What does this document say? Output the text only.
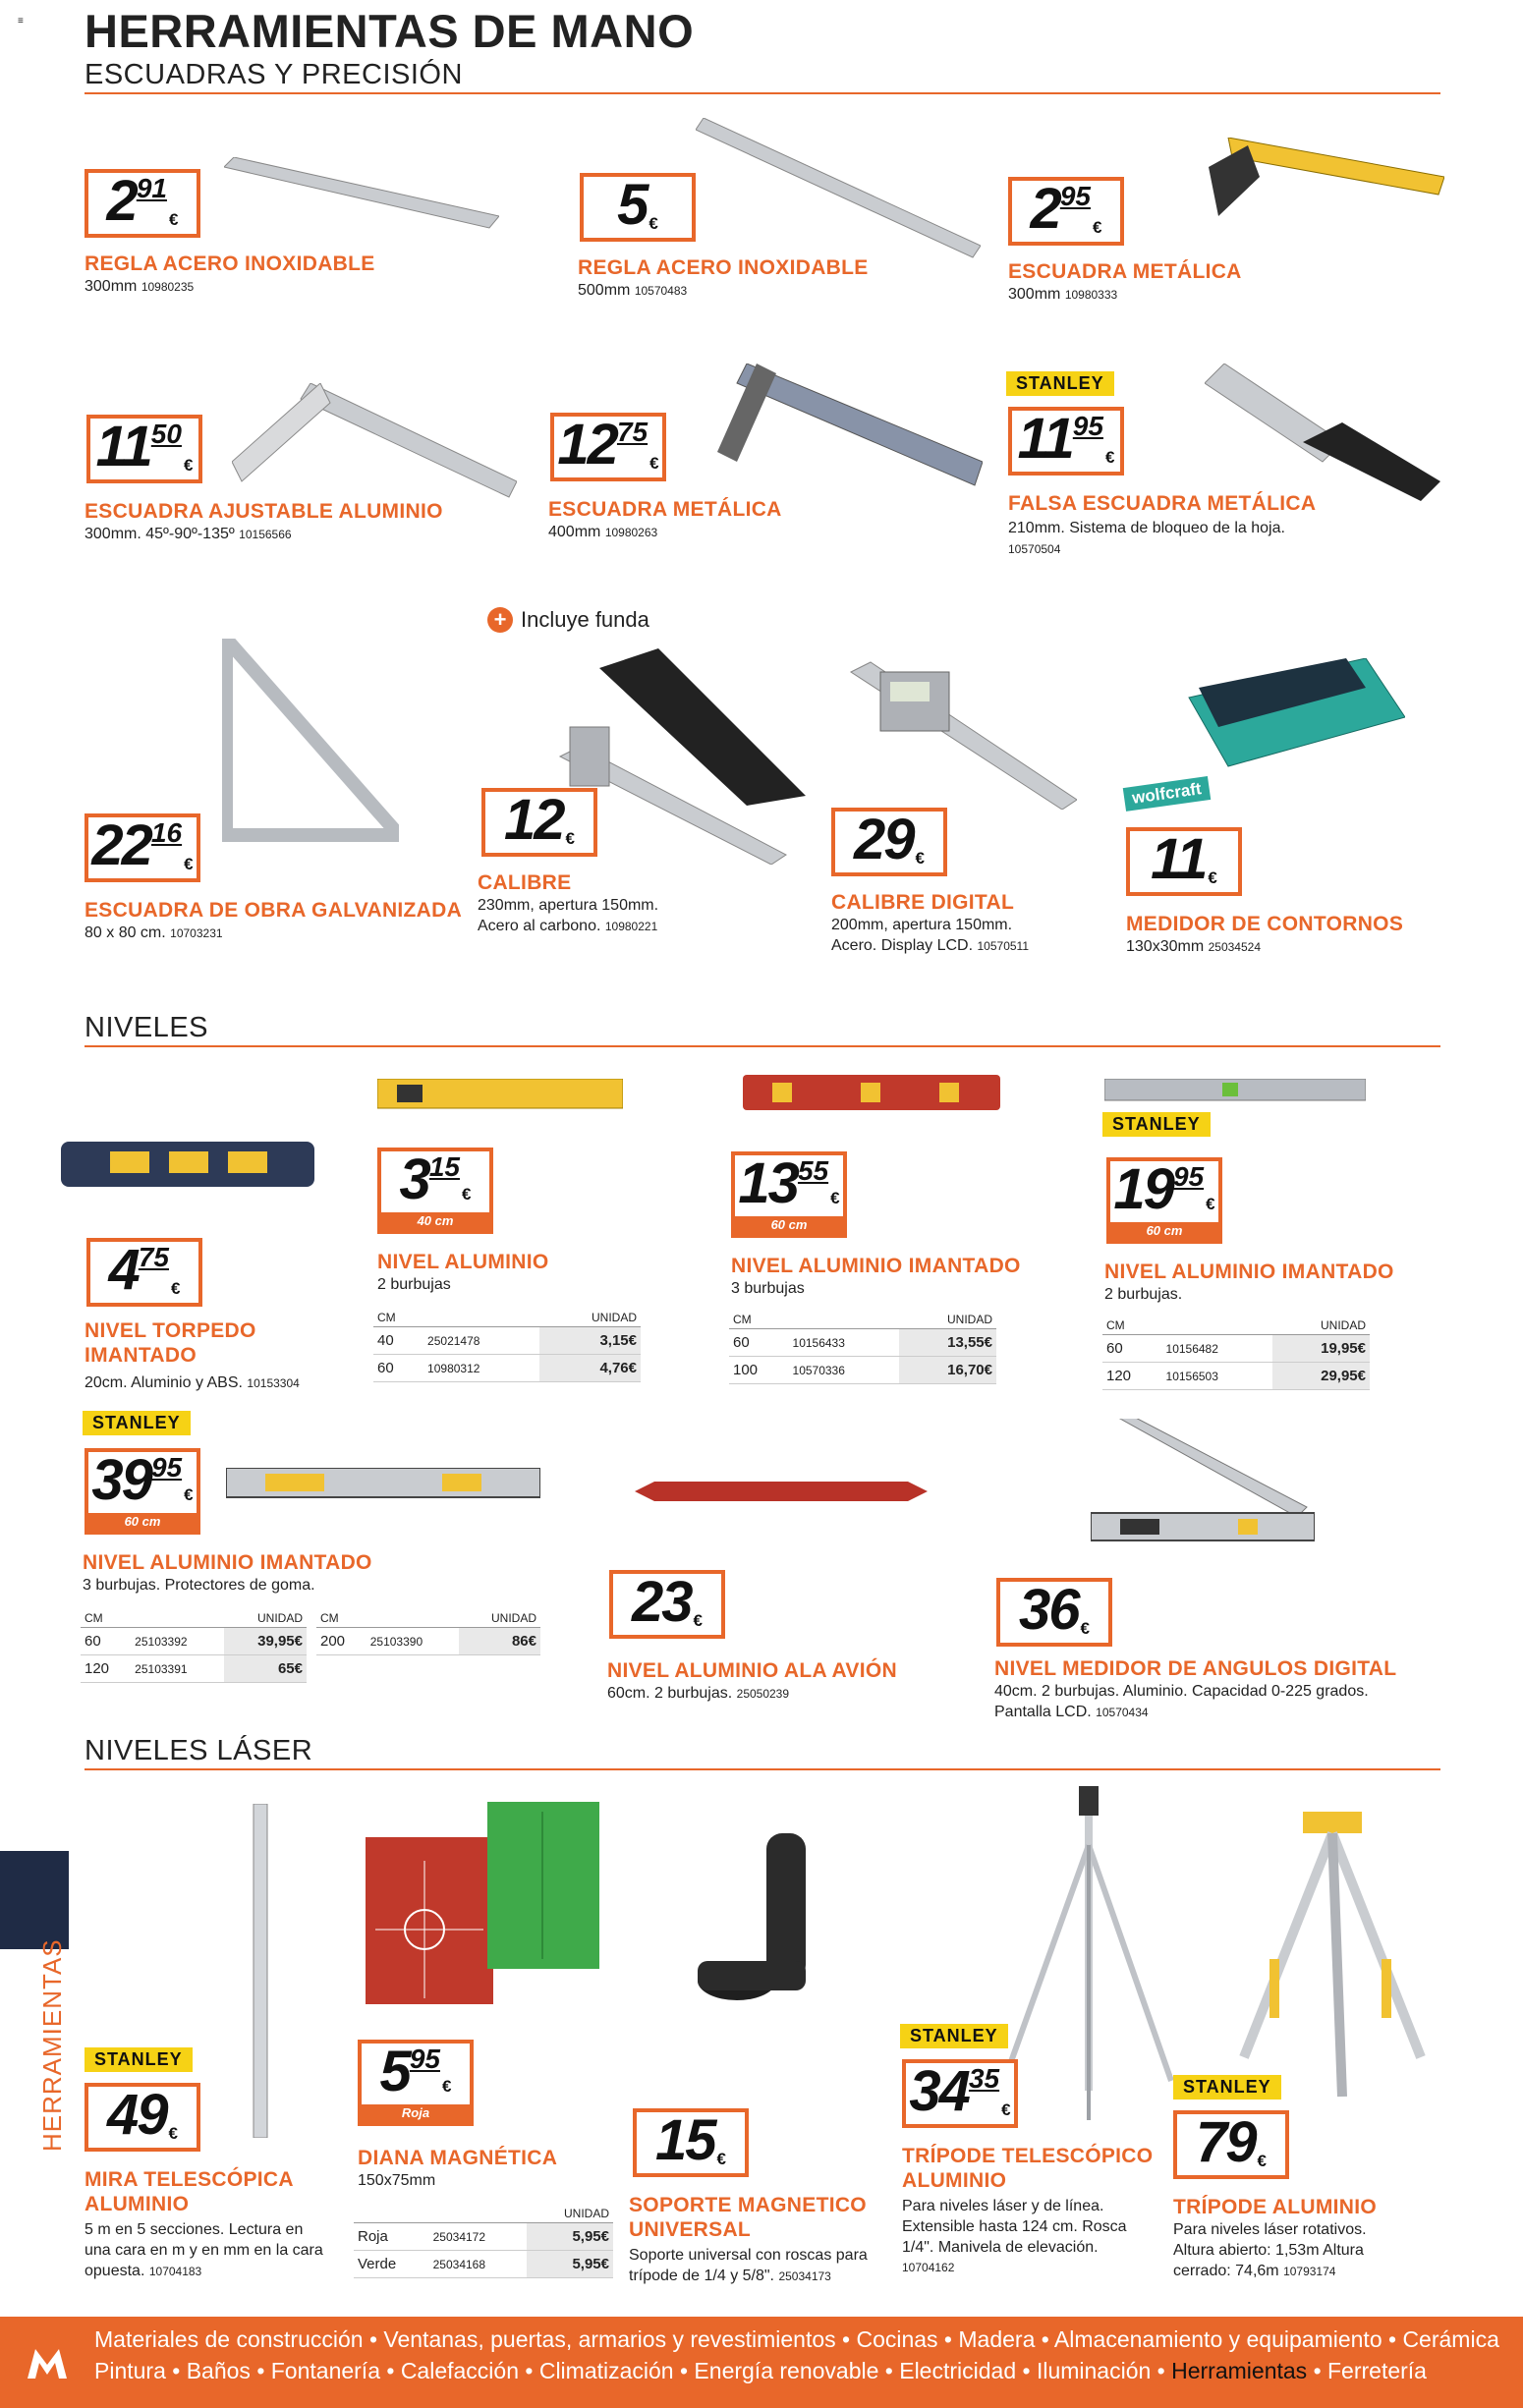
≡ HERRAMIENTAS DE MANO
ESCUADRAS Y PRECISIÓN
2 91
€
REGLA ACERO INOXIDABLE
300mm 10980235
5 €
REGLA ACERO INOXIDABLE
500mm 10570483
2 95
€
ESCUADRA METÁLICA
300mm 10980333
11 50
€
ESCUADRA AJUSTABLE ALUMINIO
300mm. 45º-90º-135º 10156566
12 75
€
ESCUADRA METÁLICA
400mm 10980263
STANLEY
11 95
€
FALSA ESCUADRA METÁLICA
210mm. Sistema de bloqueo de la hoja.
10570504
+ Incluye funda
22 16
€
ESCUADRA DE OBRA GALVANIZADA
80 x 80 cm. 10703231
12 €
CALIBRE
230mm, apertura 150mm.
Acero al carbono. 10980221
29 €
CALIBRE DIGITAL
200mm, apertura 150mm.
Acero. Display LCD. 10570511
wolfcraft
11 €
MEDIDOR DE CONTORNOS
130x30mm 25034524
NIVELES
4 75
€
NIVEL TORPEDO
IMANTADO
20cm. Aluminio y ABS. 10153304
3 15
€
40 cm
NIVEL ALUMINIO
2 burbujas
CM		UNIDAD
40	25021478	3,15€
60	10980312	4,76€
13 55
€
60 cm
NIVEL ALUMINIO IMANTADO
3 burbujas
CM		UNIDAD
60	10156433	13,55€
100	10570336	16,70€
STANLEY
19 95
€
60 cm
NIVEL ALUMINIO IMANTADO
2 burbujas.
CM		UNIDAD
60	10156482	19,95€
120	10156503	29,95€
STANLEY
39 95
€
60 cm
NIVEL ALUMINIO IMANTADO
3 burbujas. Protectores de goma.
CM		UNIDAD
60	25103392	39,95€
120	25103391	65€
CM		UNIDAD
200	25103390	86€
23 €
NIVEL ALUMINIO ALA AVIÓN
60cm. 2 burbujas. 25050239
36 €
NIVEL MEDIDOR DE ANGULOS DIGITAL
40cm. 2 burbujas. Aluminio. Capacidad 0-225 grados.
Pantalla LCD. 10570434
NIVELES LÁSER
HERRAMIENTAS	STANLEY
49 €
MIRA TELESCÓPICA
ALUMINIO
5 m en 5 secciones. Lectura en
una cara en m y en mm en la cara
opuesta. 10704183
5 95
€
Roja
DIANA MAGNÉTICA
150x75mm
		UNIDAD
Roja	25034172	5,95€
Verde	25034168	5,95€
15 €
SOPORTE MAGNETICO
UNIVERSAL
Soporte universal con roscas para
trípode de 1/4 y 5/8". 25034173
STANLEY
34 35
€
TRÍPODE TELESCÓPICO
ALUMINIO
Para niveles láser y de línea.
Extensible hasta 124 cm. Rosca
1/4". Manivela de elevación.
10704162
STANLEY
79 €
TRÍPODE ALUMINIO
Para niveles láser rotativos.
Altura abierto: 1,53m Altura
cerrado: 74,6m 10793174
Materiales de construcción • Ventanas, puertas, armarios y revestimientos • Cocinas • Madera • Almacenamiento y equipamiento • Cerámica
Pintura • Baños • Fontanería • Calefacción • Climatización • Energía renovable • Electricidad • Iluminación • Herramientas • Ferretería
